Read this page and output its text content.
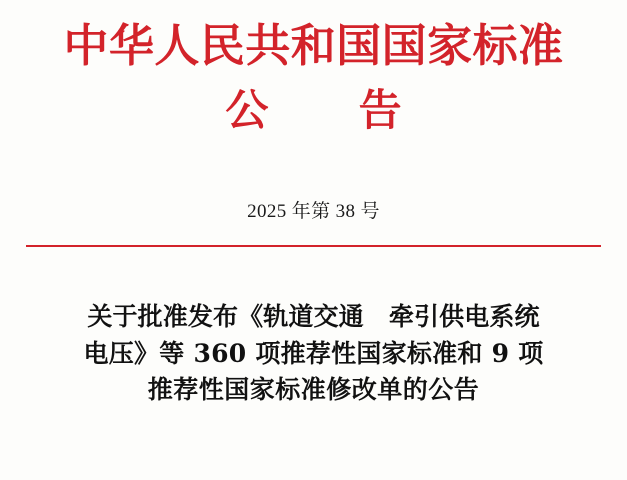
中华人民共和国国家标准
公　告
2025 年第 38 号
关于批准发布《轨道交通　牵引供电系统
电压》等 360 项推荐性国家标准和 9 项
推荐性国家标准修改单的公告
